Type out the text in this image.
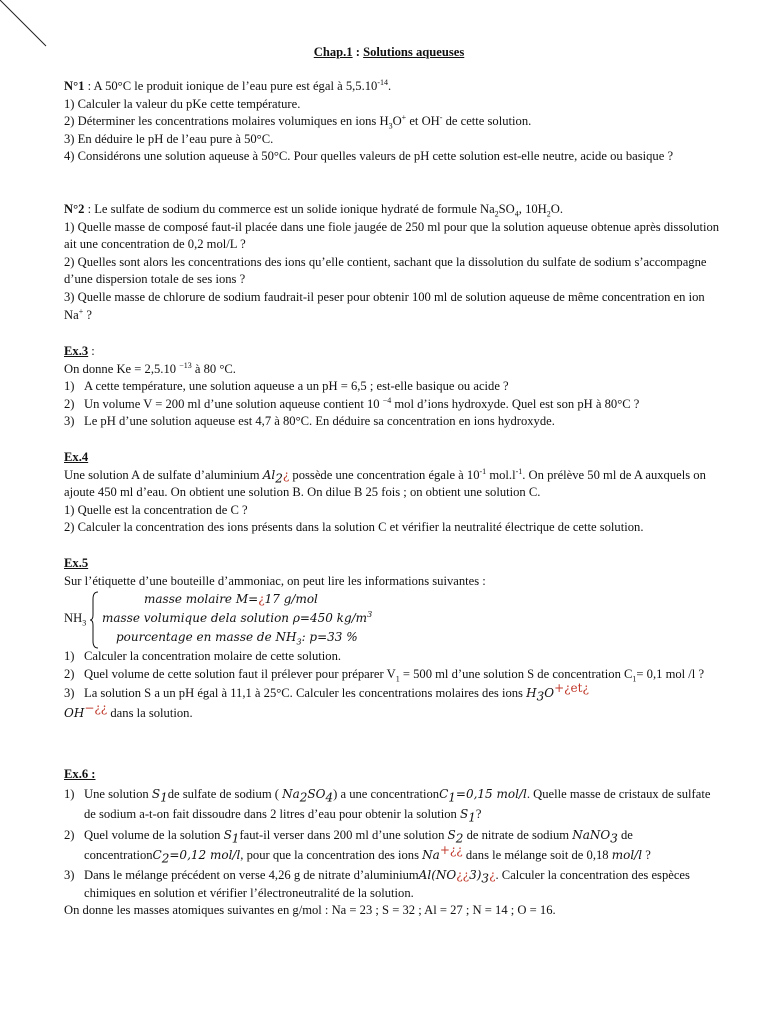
Chap.1 : Solutions aqueuses

N°1 : A 50°C le produit ionique de l’eau pure est égal à $5,5.10^{-14}$.

1) Calculer la valeur du pKe cette température.

2) Déterminer les concentrations molaires volumiques en ions $H_3O^+$ et OH- de cette solution.

3) En déduire le pH de l’eau pure à 50°C.

4) Considérons une solution aqueuse à 50°C. Pour quelles valeurs de pH cette solution est-elle neutre, acide ou basique ?

N°2 : Le sulfate de sodium du commerce est un solide ionique hydraté de formule $Na_2SO_4$, $10H_2O$.

1) Quelle masse de composé faut-il placée dans une fiole jaugée de 250 ml pour que la solution aqueuse obtenue après dissolution ait une concentration de 0,2 mol/L ?

2) Quelles sont alors les concentrations des ions qu’elle contient, sachant que la dissolution du sulfate de sodium s’accompagne d’une dispersion totale de ses ions ?

3) Quelle masse de chlorure de sodium faudrait-il peser pour obtenir 100 ml de solution aqueuse de même concentration en ion Na+ ?

Ex.3 :

On donne Ke = 2,5.10 $^{-13}$ à 80 °C.

1) A cette température, une solution aqueuse a un pH = 6,5 ; est-elle basique ou acide ?

2) Un volume V = 200 ml d’une solution aqueuse contient 10 $^{-4}$ mol d’ions hydroxyde. Quel est son pH à 80°C ?

3) Le pH d’une solution aqueuse est 4,7 à 80°C. En déduire sa concentration en ions hydroxyde.

Ex.4

Une solution A de sulfate d’aluminium $Al_2¿$ possède une concentration égale à $10^{-1}$ $mol.l^{-1}$. On prélève 50 ml de A auxquels on ajoute 450 ml d’eau. On obtient une solution B. On dilue B 25 fois ; on obtient une solution C.

1) Quelle est la concentration de C ?

2) Calculer la concentration des ions présents dans la solution C et vérifier la neutralité électrique de cette solution.

Ex.5

Sur l’étiquette d’une bouteille d’ammoniac, on peut lire les informations suivantes :

$NH_3$
masse molaire M=¿17 g/mol
masse volumique dela solution ρ=450 $kg/m^3$
pourcentage en masse de $NH_3$: p=33 %

1) Calculer la concentration molaire de cette solution.

2) Quel volume de cette solution faut il prélever pour préparer $V_1 = 500$ ml d’une solution S de concentration $C_1= 0,1$ mol /l ?

3) La solution S a un pH égal à 11,1 à 25°C. Calculer les concentrations molaires des ions $H_3O^{+¿et¿}$

OH−¿¿ dans la solution.

Ex.6 :

1) Une solution $S_1de$ sulfate de sodium ( $Na_2SO_4$) a une concentrationC$_1$=0,15 mol/l. Quelle masse de cristaux de sulfate de sodium a-t-on fait dissoudre dans 2 litres d’eau pour obtenir la solution $S_1$?

2) Quel volume de la solution $S_1faut-il$ verser dans 200 ml d’une solution $S_2$ de nitrate de sodium NaNO$_3$ de concentrationC$_2$=0,12 mol/l, pour que la concentration des ions Na+¿¿ dans le mélange soit de 0,18 mol/l ?

3) Dans le mélange précédent on verse 4,26 g de nitrate $d’aluminiumAl(NO¿¿3)_3¿$. Calculer la concentration des espèces chimiques en solution et vérifier l’électroneutralité de la solution.

On donne les masses atomiques suivantes en g/mol : Na = 23 ; S = 32 ; Al = 27 ; N = 14 ; O = 16.
